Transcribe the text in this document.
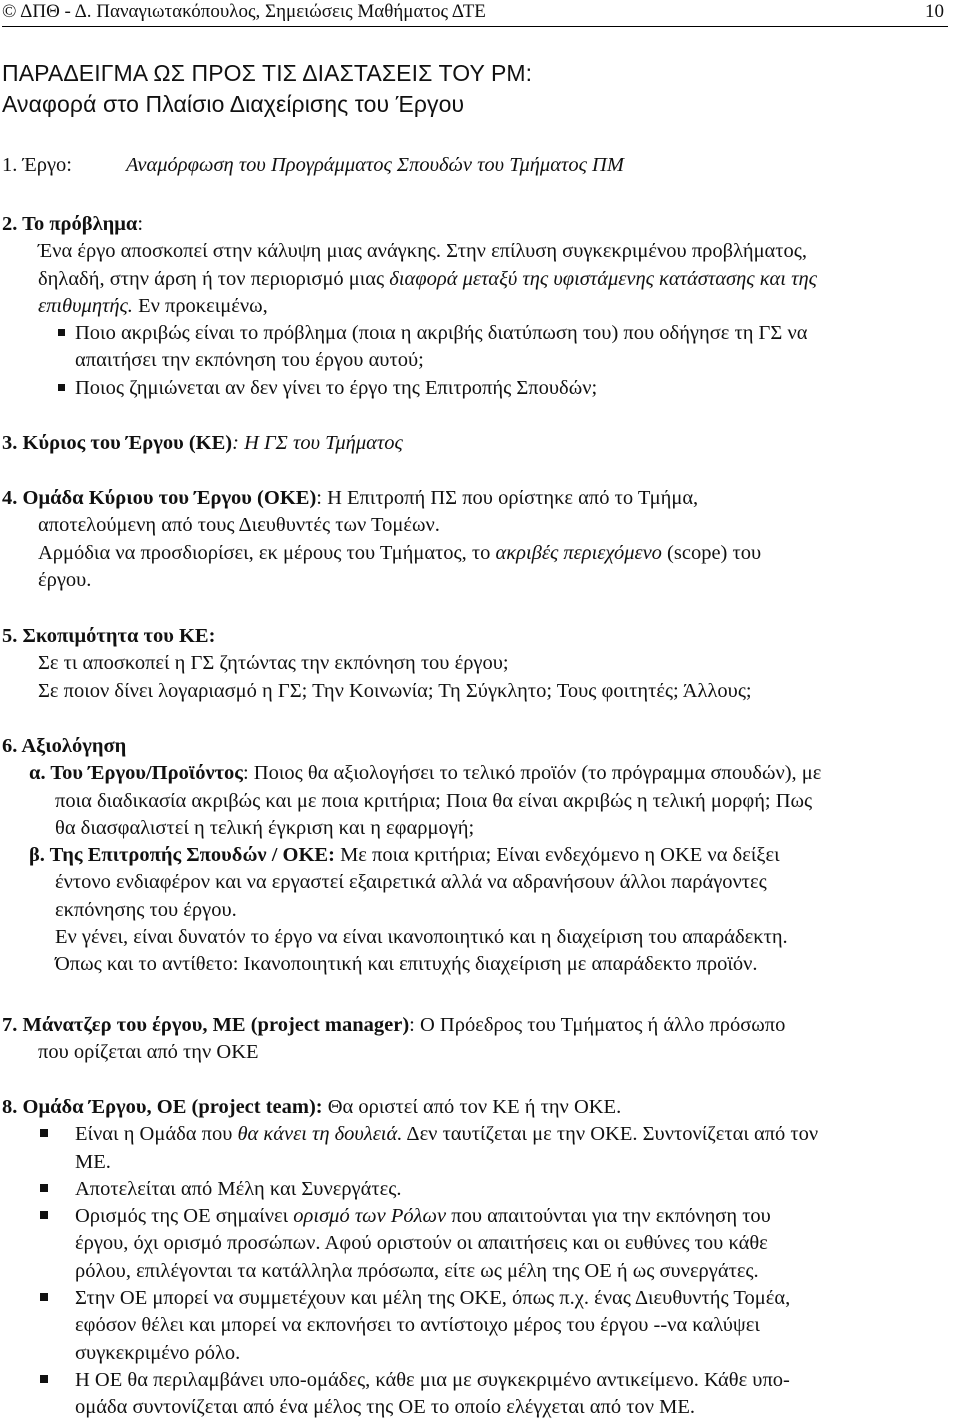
© ΔΠΘ - Δ. Παναγιωτακόπουλος, Σημειώσεις Μαθήματος ΔΤΕ	10
ΠΑΡΑΔΕΙΓΜΑ ΩΣ ΠΡΟΣ ΤΙΣ ΔΙΑΣΤΑΣΕΙΣ ΤΟΥ ΡΜ:
Αναφορά στο Πλαίσιο Διαχείρισης του Έργου
1. Έργο:	Αναμόρφωση του Προγράμματος Σπουδών του Τμήματος ΠΜ
2. Το πρόβλημα:
Ένα έργο αποσκοπεί στην κάλυψη μιας ανάγκης. Στην επίλυση συγκεκριμένου προβλήματος,
δηλαδή, στην άρση ή τον περιορισμό μιας διαφορά μεταξύ της υφιστάμενης κατάστασης και της
επιθυμητής. Εν προκειμένω,
Ποιο ακριβώς είναι το πρόβλημα (ποια η ακριβής διατύπωση του) που οδήγησε τη ΓΣ να
απαιτήσει την εκπόνηση του έργου αυτού;
Ποιος ζημιώνεται αν δεν γίνει το έργο της Επιτροπής Σπουδών;
3. Κύριος του Έργου (ΚΕ): Η ΓΣ του Τμήματος
4. Ομάδα Κύριου του Έργου (ΟΚΕ): Η Επιτροπή ΠΣ που ορίστηκε από το Τμήμα,
αποτελούμενη από τους Διευθυντές των Τομέων.
Αρμόδια να προσδιορίσει, εκ μέρους του Τμήματος, το ακριβές περιεχόμενο (scope) του
έργου.
5. Σκοπιμότητα του ΚΕ:
Σε τι αποσκοπεί η ΓΣ ζητώντας την εκπόνηση του έργου;
Σε ποιον δίνει λογαριασμό η ΓΣ; Την Κοινωνία; Τη Σύγκλητο; Τους φοιτητές; Άλλους;
6. Αξιολόγηση
α. Του Έργου/Προϊόντος: Ποιος θα αξιολογήσει το τελικό προϊόν (το πρόγραμμα σπουδών), με
ποια διαδικασία ακριβώς και με ποια κριτήρια; Ποια θα είναι ακριβώς η τελική μορφή; Πως
θα διασφαλιστεί η τελική έγκριση και η εφαρμογή;
β. Της Επιτροπής Σπουδών / ΟΚΕ: Με ποια κριτήρια; Είναι ενδεχόμενο η ΟΚΕ να δείξει
έντονο ενδιαφέρον και να εργαστεί εξαιρετικά αλλά να αδρανήσουν άλλοι παράγοντες
εκπόνησης του έργου.
Εν γένει, είναι δυνατόν το έργο να είναι ικανοποιητικό και η διαχείριση του απαράδεκτη.
Όπως και το αντίθετο: Ικανοποιητική και επιτυχής διαχείριση με απαράδεκτο προϊόν.
7. Μάνατζερ του έργου, ΜΕ (project manager): Ο Πρόεδρος του Τμήματος ή άλλο πρόσωπο
που ορίζεται από την ΟΚΕ
8. Ομάδα Έργου, ΟΕ (project team): Θα οριστεί από τον ΚΕ ή την ΟΚΕ.
Είναι η Ομάδα που θα κάνει τη δουλειά. Δεν ταυτίζεται με την ΟΚΕ. Συντονίζεται από τον
ΜΕ.
Αποτελείται από Μέλη και Συνεργάτες.
Ορισμός της ΟΕ σημαίνει ορισμό των Ρόλων που απαιτούνται για την εκπόνηση του
έργου, όχι ορισμό προσώπων. Αφού οριστούν οι απαιτήσεις και οι ευθύνες του κάθε
ρόλου, επιλέγονται τα κατάλληλα πρόσωπα, είτε ως μέλη της ΟΕ ή ως συνεργάτες.
Στην ΟΕ μπορεί να συμμετέχουν και μέλη της ΟΚΕ, όπως π.χ. ένας Διευθυντής Τομέα,
εφόσον θέλει και μπορεί να εκπονήσει το αντίστοιχο μέρος του έργου --να καλύψει
συγκεκριμένο ρόλο.
Η ΟΕ θα περιλαμβάνει υπο-ομάδες, κάθε μια με συγκεκριμένο αντικείμενο. Κάθε υπο-
ομάδα συντονίζεται από ένα μέλος της ΟΕ το οποίο ελέγχεται από τον ΜΕ.
